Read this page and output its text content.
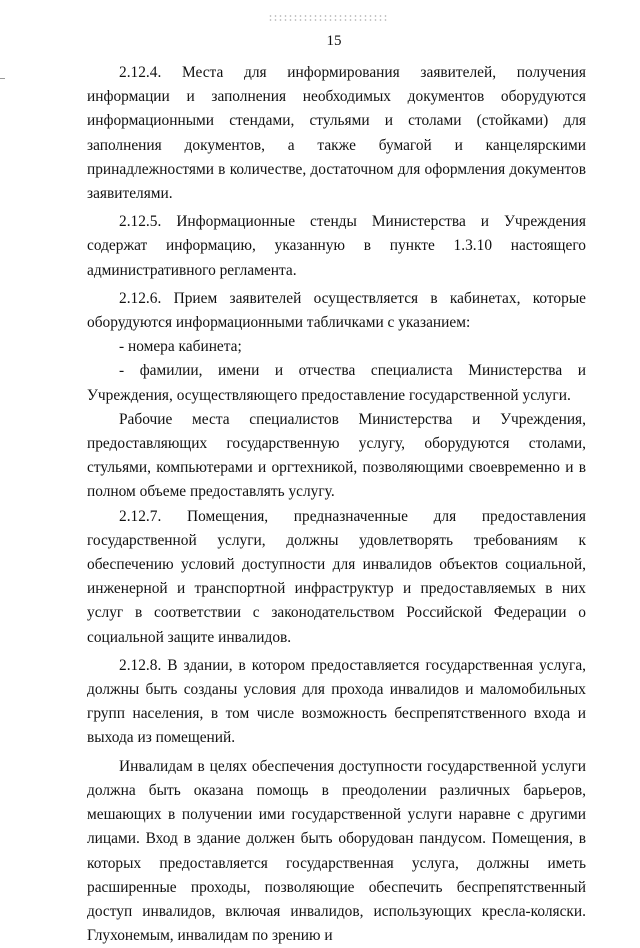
15

2.12.4. Места для информирования заявителей, получения информации и заполнения необходимых документов оборудуются информационными стендами, стульями и столами (стойками) для заполнения документов, а также бумагой и канцелярскими принадлежностями в количестве, достаточном для оформления документов заявителями.

2.12.5. Информационные стенды Министерства и Учреждения содержат информацию, указанную в пункте 1.3.10 настоящего административного регламента.

2.12.6. Прием заявителей осуществляется в кабинетах, которые оборудуются информационными табличками с указанием:

- номера кабинета;

- фамилии, имени и отчества специалиста Министерства и Учреждения, осуществляющего предоставление государственной услуги.

Рабочие места специалистов Министерства и Учреждения, предоставляющих государственную услугу, оборудуются столами, стульями, компьютерами и оргтехникой, позволяющими своевременно и в полном объеме предоставлять услугу.

2.12.7. Помещения, предназначенные для предоставления государственной услуги, должны удовлетворять требованиям к обеспечению условий доступности для инвалидов объектов социальной, инженерной и транспортной инфраструктур и предоставляемых в них услуг в соответствии с законодательством Российской Федерации о социальной защите инвалидов.

2.12.8. В здании, в котором предоставляется государственная услуга, должны быть созданы условия для прохода инвалидов и маломобильных групп населения, в том числе возможность беспрепятственного входа и выхода из помещений.

Инвалидам в целях обеспечения доступности государственной услуги должна быть оказана помощь в преодолении различных барьеров, мешающих в получении ими государственной услуги наравне с другими лицами. Вход в здание должен быть оборудован пандусом. Помещения, в которых предоставляется государственная услуга, должны иметь расширенные проходы, позволяющие обеспечить беспрепятственный доступ инвалидов, включая инвалидов, использующих кресла-коляски. Глухонемым, инвалидам по зрению и
